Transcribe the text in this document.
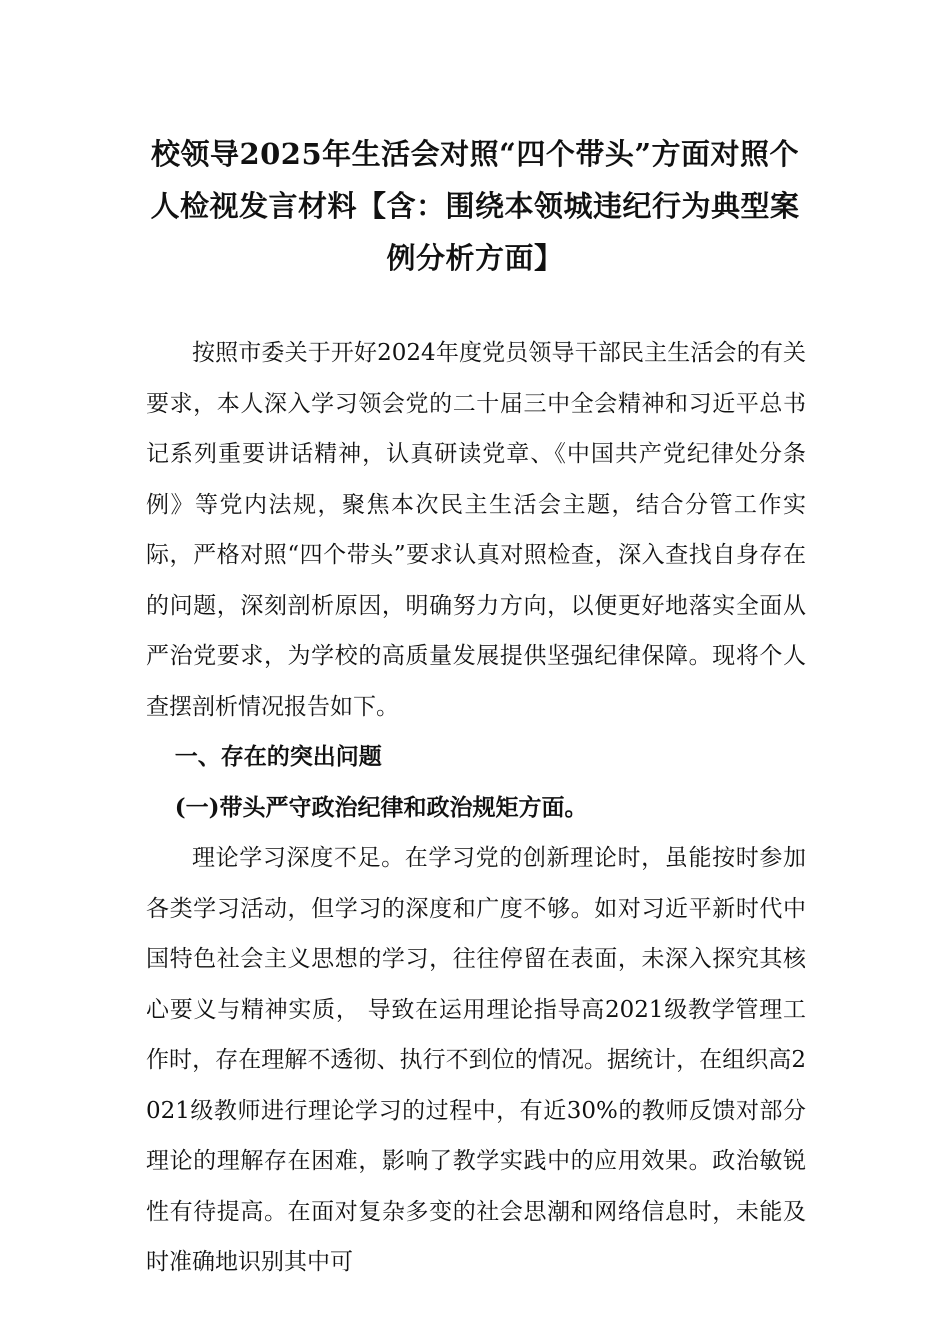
校领导2025年生活会对照“四个带头”方面对照个人检视发言材料【含：围绕本领城违纪行为典型案例分析方面】

按照市委关于开好2024年度党员领导干部民主生活会的有关要求，本人深入学习领会党的二十届三中全会精神和习近平总书记系列重要讲话精神，认真研读党章、《中国共产党纪律处分条例》等党内法规，聚焦本次民主生活会主题，结合分管工作实际，严格对照“四个带头”要求认真对照检查，深入查找自身存在的问题，深刻剖析原因，明确努力方向，以便更好地落实全面从严治党要求，为学校的高质量发展提供坚强纪律保障。现将个人查摆剖析情况报告如下。

一、存在的突出问题

(一)带头严守政治纪律和政治规矩方面。

理论学习深度不足。在学习党的创新理论时，虽能按时参加各类学习活动，但学习的深度和广度不够。如对习近平新时代中国特色社会主义思想的学习，往往停留在表面，未深入探究其核心要义与精神实质， 导致在运用理论指导高2021级教学管理工作时，存在理解不透彻、执行不到位的情况。据统计，在组织高2021级教师进行理论学习的过程中，有近30%的教师反馈对部分理论的理解存在困难，影响了教学实践中的应用效果。政治敏锐性有待提高。在面对复杂多变的社会思潮和网络信息时，未能及时准确地识别其中可
